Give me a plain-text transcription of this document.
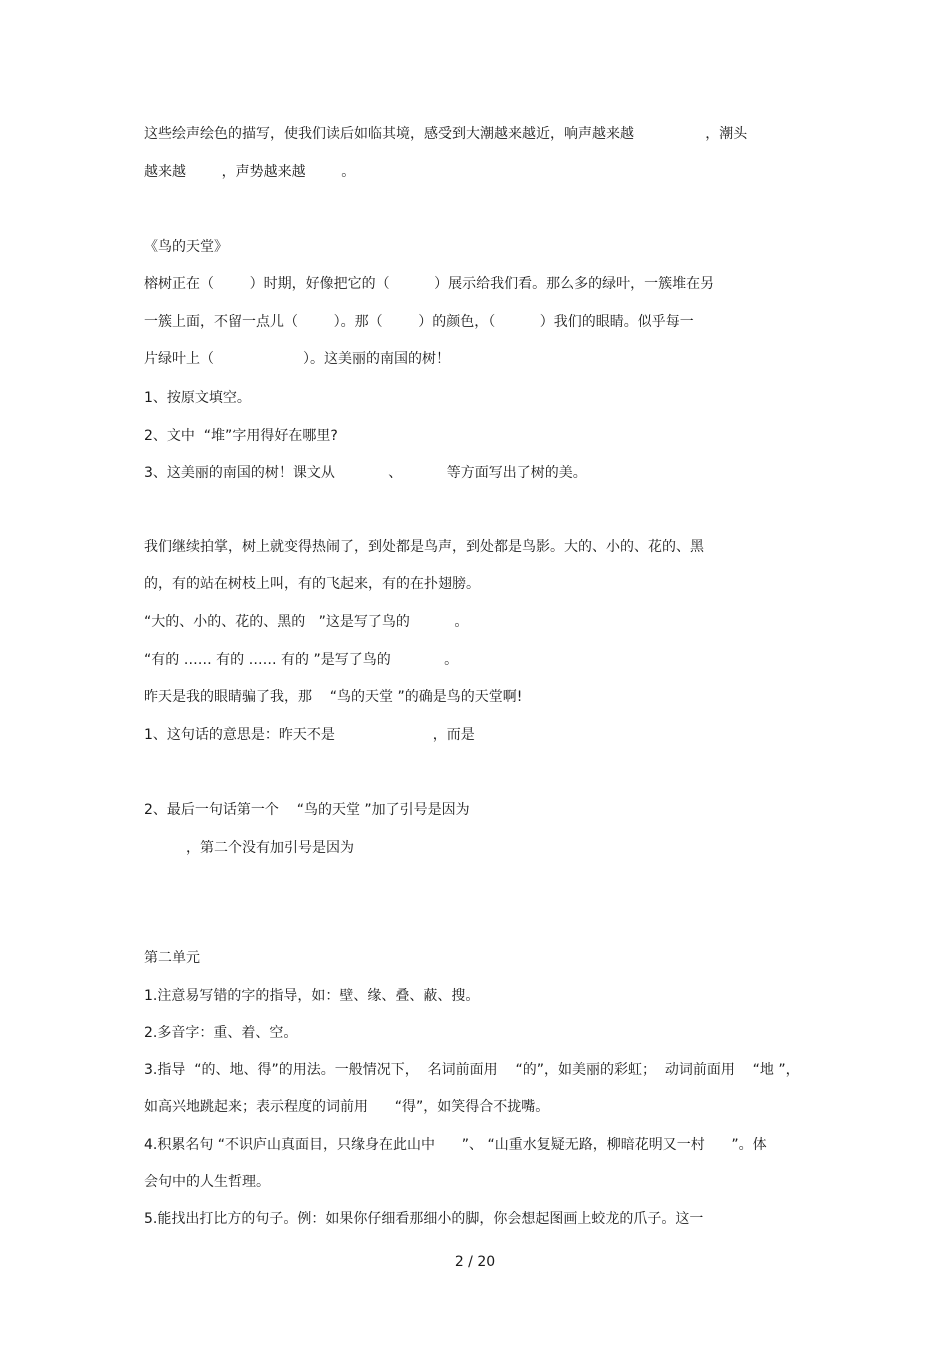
这些绘声绘色的描写，使我们读后如临其境，感受到大潮越来越近，响声越来越                ，潮头
越来越        ，声势越来越        。
《鸟的天堂》
榕树正在（        ）时期，好像把它的（          ）展示给我们看。那么多的绿叶，一簇堆在另
一簇上面，不留一点儿（        ）。那（        ）的颜色，（          ）我们的眼睛。似乎每一
片绿叶上（                    ）。这美丽的南国的树！
1、按原文填空。
2、文中  “堆”字用得好在哪里?
3、这美丽的南国的树！课文从            、          等方面写出了树的美。
我们继续拍掌，树上就变得热闹了，到处都是鸟声，到处都是鸟影。大的、小的、花的、黑
的，有的站在树枝上叫，有的飞起来，有的在扑翅膀。
“大的、小的、花的、黑的   ”这是写了鸟的          。
“有的 …… 有的 …… 有的 ”是写了鸟的            。
昨天是我的眼睛骗了我，那    “鸟的天堂 ”的确是鸟的天堂啊!
1、这句话的意思是：昨天不是                      ，而是
2、最后一句话第一个    “鸟的天堂 ”加了引号是因为
，第二个没有加引号是因为
第二单元
1.注意易写错的字的指导，如：壁、缘、叠、蔽、搜。
2.多音字：重、着、空。
3.指导  “的、地、得”的用法。一般情况下，  名词前面用    “的”，如美丽的彩虹；  动词前面用    “地 ”，
如高兴地跳起来；表示程度的词前用      “得”，如笑得合不拢嘴。
4.积累名句 “不识庐山真面目，只缘身在此山中      ”、 “山重水复疑无路，柳暗花明又一村      ”。体
会句中的人生哲理。
5.能找出打比方的句子。例：如果你仔细看那细小的脚，你会想起图画上蛟龙的爪子。这一
2 / 20
